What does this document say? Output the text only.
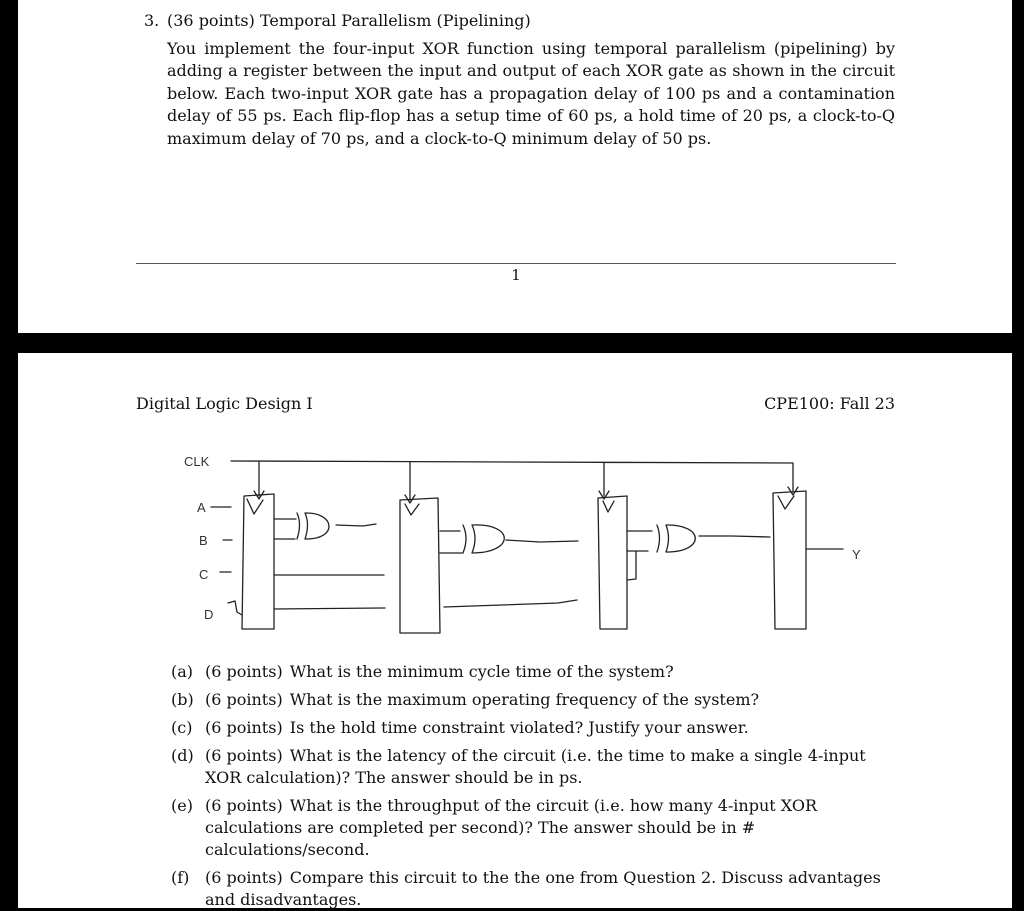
3. (36 points) Temporal Parallelism (Pipelining)
You implement the four-input XOR function using temporal parallelism (pipelining) by adding a register between the input and output of each XOR gate as shown in the circuit below. Each two-input XOR gate has a propagation delay of 100 ps and a contamination delay of 55 ps. Each flip-flop has a setup time of 60 ps, a hold time of 20 ps, a clock-to-Q maximum delay of 70 ps, and a clock-to-Q minimum delay of 50 ps.
1
Digital Logic Design I	CPE100: Fall 23
CLK
A
B
C
D
Y
(a) (6 points) What is the minimum cycle time of the system?
(b) (6 points) What is the maximum operating frequency of the system?
(c) (6 points) Is the hold time constraint violated? Justify your answer.
(d) (6 points) What is the latency of the circuit (i.e. the time to make a single 4-input XOR calculation)? The answer should be in ps.
(e) (6 points) What is the throughput of the circuit (i.e. how many 4-input XOR calculations are completed per second)? The answer should be in # calculations/second.
(f) (6 points) Compare this circuit to the the one from Question 2. Discuss advantages and disadvantages.
